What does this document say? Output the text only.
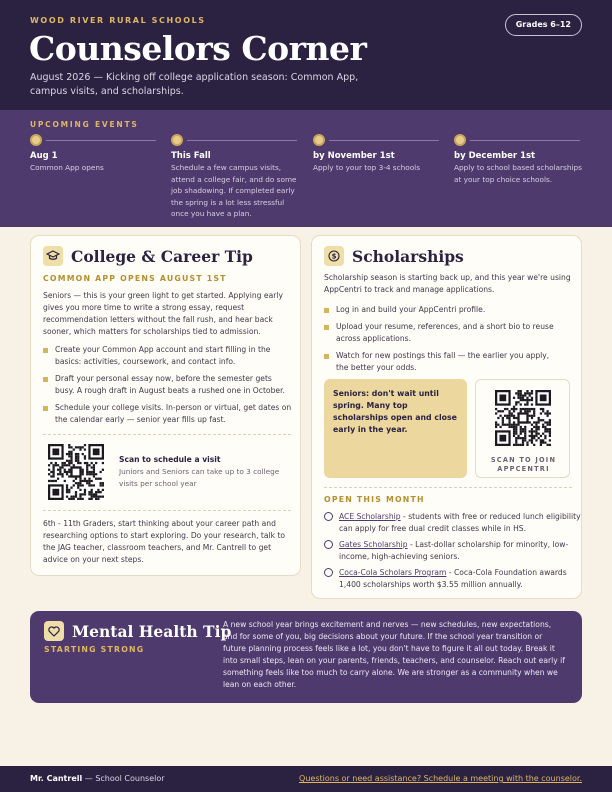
WOOD RIVER RURAL SCHOOLS
Counselors Corner
August 2026 — Kicking off college application season: Common App, campus visits, and scholarships.
Grades 6–12
UPCOMING EVENTS
Aug 1
Common App opens
This Fall
Schedule a few campus visits, attend a college fair, and do some job shadowing. If completed early the spring is a lot less stressful once you have a plan.
by November 1st
Apply to your top 3-4 schools
by December 1st
Apply to school based scholarships at your top choice schools.
College & Career Tip
COMMON APP OPENS AUGUST 1ST
Seniors — this is your green light to get started. Applying early gives you more time to write a strong essay, request recommendation letters without the fall rush, and hear back sooner, which matters for scholarships tied to admission.
Create your Common App account and start filling in the basics: activities, coursework, and contact info.
Draft your personal essay now, before the semester gets busy. A rough draft in August beats a rushed one in October.
Schedule your college visits. In-person or virtual, get dates on the calendar early — senior year fills up fast.
Scan to schedule a visit
Juniors and Seniors can take up to 3 college visits per school year
6th - 11th Graders, start thinking about your career path and researching options to start exploring. Do your research, talk to the JAG teacher, classroom teachers, and Mr. Cantrell to get advice on your next steps.
$ Scholarships
Scholarship season is starting back up, and this year we're using AppCentri to track and manage applications.
Log in and build your AppCentri profile.
Upload your resume, references, and a short bio to reuse across applications.
Watch for new postings this fall — the earlier you apply, the better your odds.
Seniors: don't wait until spring. Many top scholarships open and close early in the year.
SCAN TO JOIN APPCENTRI
OPEN THIS MONTH
ACE Scholarship - students with free or reduced lunch eligibility can apply for free dual credit classes while in HS.
Gates Scholarship - Last-dollar scholarship for minority, low-income, high-achieving seniors.
Coca-Cola Scholars Program - Coca-Cola Foundation awards 1,400 scholarships worth $3.55 million annually.
Mental Health Tip
STARTING STRONG
A new school year brings excitement and nerves — new schedules, new expectations, and for some of you, big decisions about your future. If the school year transition or future planning process feels like a lot, you don't have to figure it all out today. Break it into small steps, lean on your parents, friends, teachers, and counselor. Reach out early if something feels like too much to carry alone. We are stronger as a community when we lean on each other.
Mr. Cantrell — School Counselor	Questions or need assistance? Schedule a meeting with the counselor.
